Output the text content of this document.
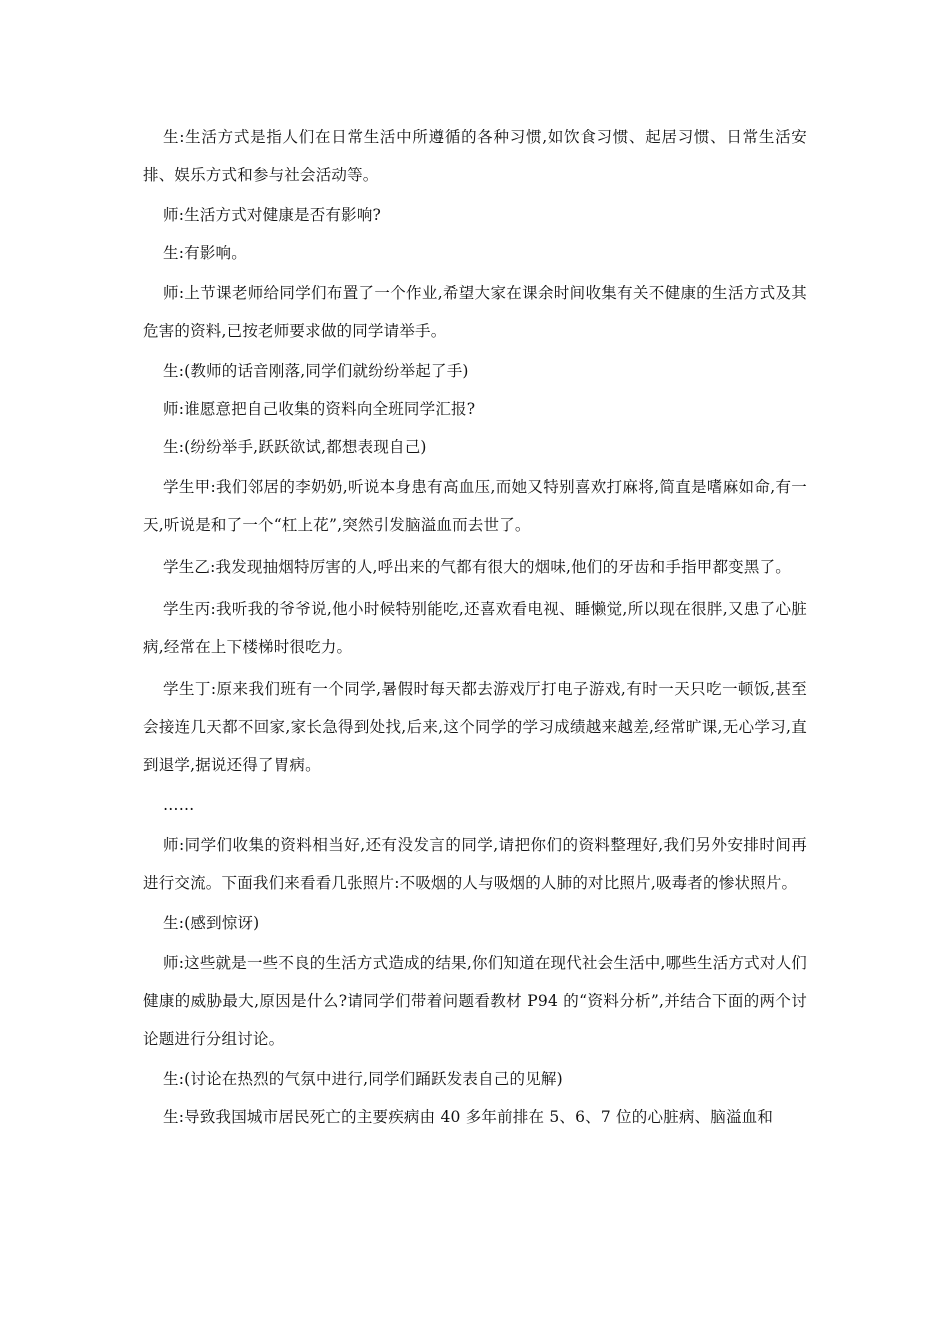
生:生活方式是指人们在日常生活中所遵循的各种习惯,如饮食习惯、起居习惯、日常生活安排、娱乐方式和参与社会活动等。

师:生活方式对健康是否有影响?

生:有影响。

师:上节课老师给同学们布置了一个作业,希望大家在课余时间收集有关不健康的生活方式及其危害的资料,已按老师要求做的同学请举手。

生:(教师的话音刚落,同学们就纷纷举起了手)

师:谁愿意把自己收集的资料向全班同学汇报?

生:(纷纷举手,跃跃欲试,都想表现自己)

学生甲:我们邻居的李奶奶,听说本身患有高血压,而她又特别喜欢打麻将,简直是嗜麻如命,有一天,听说是和了一个“杠上花”,突然引发脑溢血而去世了。

学生乙:我发现抽烟特厉害的人,呼出来的气都有很大的烟味,他们的牙齿和手指甲都变黑了。

学生丙:我听我的爷爷说,他小时候特别能吃,还喜欢看电视、睡懒觉,所以现在很胖,又患了心脏病,经常在上下楼梯时很吃力。

学生丁:原来我们班有一个同学,暑假时每天都去游戏厅打电子游戏,有时一天只吃一顿饭,甚至会接连几天都不回家,家长急得到处找,后来,这个同学的学习成绩越来越差,经常旷课,无心学习,直到退学,据说还得了胃病。

……

师:同学们收集的资料相当好,还有没发言的同学,请把你们的资料整理好,我们另外安排时间再进行交流。下面我们来看看几张照片:不吸烟的人与吸烟的人肺的对比照片,吸毒者的惨状照片。

生:(感到惊讶)

师:这些就是一些不良的生活方式造成的结果,你们知道在现代社会生活中,哪些生活方式对人们健康的威胁最大,原因是什么?请同学们带着问题看教材 P94 的“资料分析”,并结合下面的两个讨论题进行分组讨论。

生:(讨论在热烈的气氛中进行,同学们踊跃发表自己的见解)

生:导致我国城市居民死亡的主要疾病由 40 多年前排在 5、6、7 位的心脏病、脑溢血和
